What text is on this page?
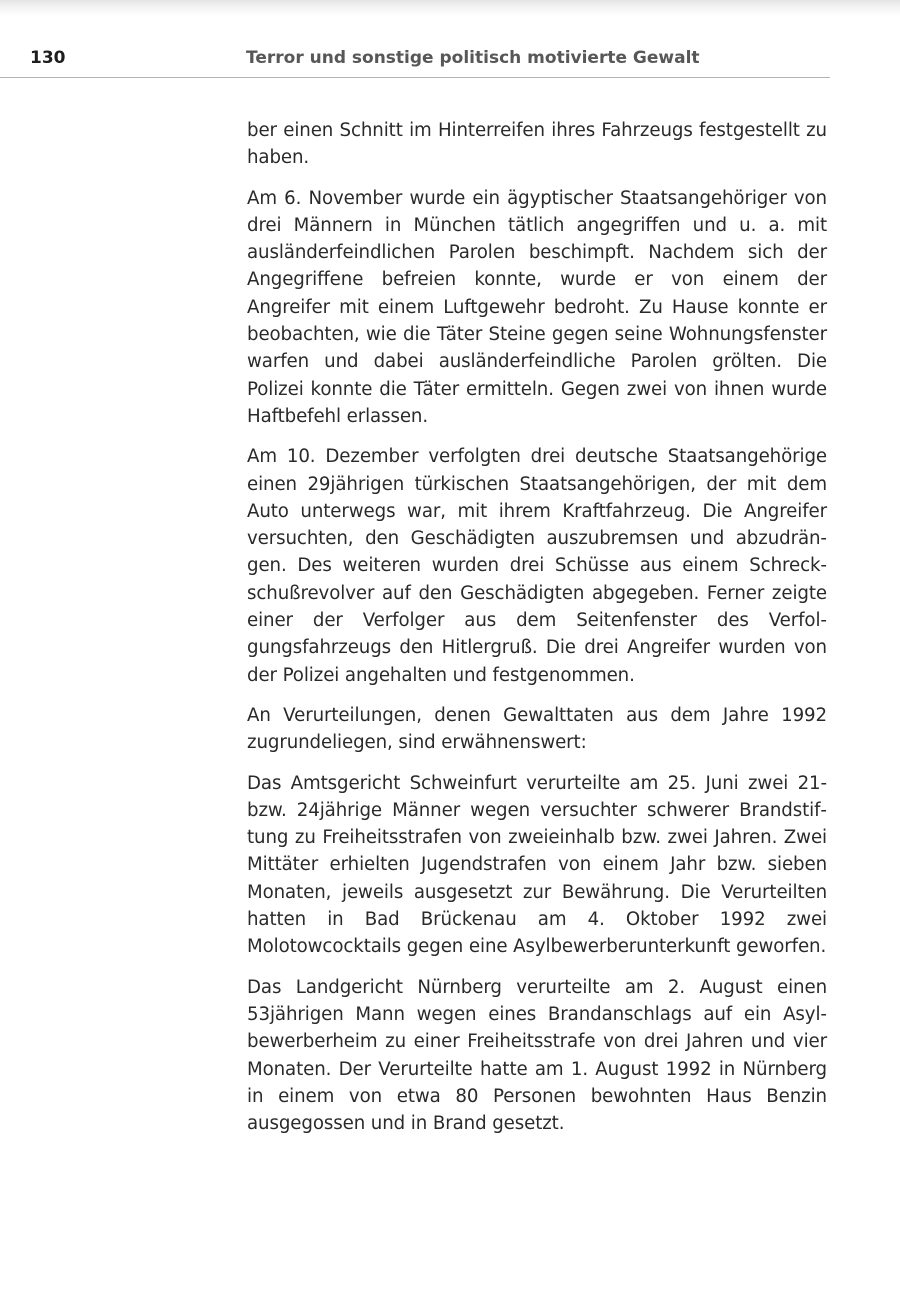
130	Terror und sonstige politisch motivierte Gewalt

ber einen Schnitt im Hinterreifen ihres Fahrzeugs festgestellt zu haben.

Am 6. November wurde ein ägyptischer Staatsangehöriger von drei Männern in München tätlich angegriffen und u. a. mit ausländerfeindlichen Parolen beschimpft. Nachdem sich der Angegriffene befreien konnte, wurde er von einem der Angreifer mit einem Luftgewehr bedroht. Zu Hause konnte er beobachten, wie die Täter Steine gegen seine Wohnungsfenster warfen und dabei ausländerfeindliche Parolen grölten. Die Polizei konnte die Täter ermitteln. Gegen zwei von ihnen wurde Haftbefehl erlassen.

Am 10. Dezember verfolgten drei deutsche Staatsangehörige einen 29jährigen türkischen Staatsangehörigen, der mit dem Auto unterwegs war, mit ihrem Kraftfahrzeug. Die Angreifer versuchten, den Geschädigten auszubremsen und abzudrängen. Des weiteren wurden drei Schüsse aus einem Schreckschußrevolver auf den Geschädigten abgegeben. Ferner zeigte einer der Verfolger aus dem Seitenfenster des Verfolgungsfahrzeugs den Hitlergruß. Die drei Angreifer wurden von der Polizei angehalten und festgenommen.

An Verurteilungen, denen Gewalttaten aus dem Jahre 1992 zugrundeliegen, sind erwähnenswert:

Das Amtsgericht Schweinfurt verurteilte am 25. Juni zwei 21- bzw. 24jährige Männer wegen versuchter schwerer Brandstiftung zu Freiheitsstrafen von zweieinhalb bzw. zwei Jahren. Zwei Mittäter erhielten Jugendstrafen von einem Jahr bzw. sieben Monaten, jeweils ausgesetzt zur Bewährung. Die Verurteilten hatten in Bad Brückenau am 4. Oktober 1992 zwei Molotowcocktails gegen eine Asylbewerberunterkunft geworfen.

Das Landgericht Nürnberg verurteilte am 2. August einen 53jährigen Mann wegen eines Brandanschlags auf ein Asylbewerberheim zu einer Freiheitsstrafe von drei Jahren und vier Monaten. Der Verurteilte hatte am 1. August 1992 in Nürnberg in einem von etwa 80 Personen bewohnten Haus Benzin ausgegossen und in Brand gesetzt.
